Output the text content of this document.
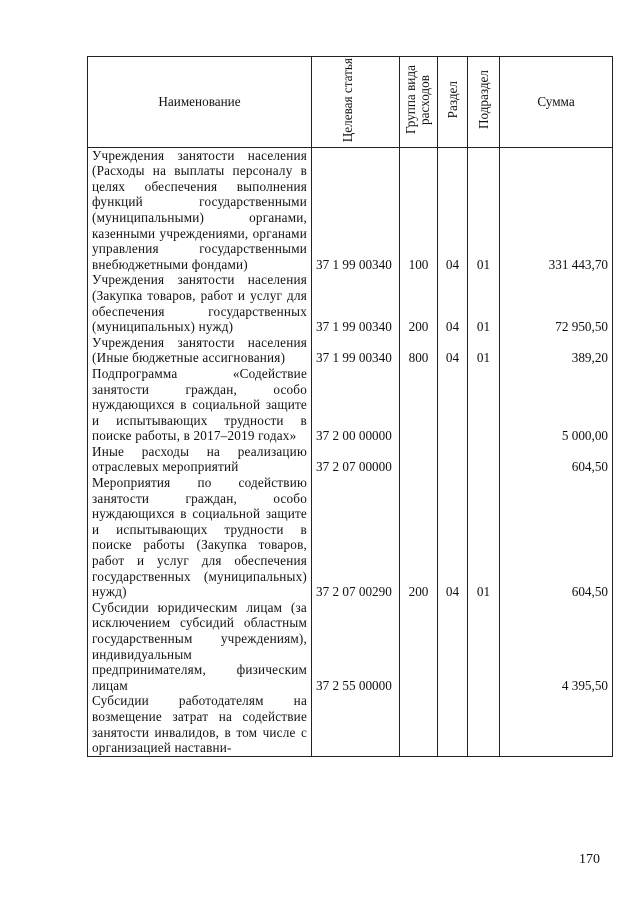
Наименование	Целевая статья	Группа вида расходов	Раздел	Подраздел	Сумма
Учреждения занятости населения (Расходы на выплаты персоналу в целях обеспечения выполнения функций государственными (муниципальными) органами, казенными учреждениями, органами управления государственными внебюджетными фондами)	37 1 99 00340	100	04	01	331 443,70
Учреждения занятости населения (Закупка товаров, работ и услуг для обеспечения государственных (муниципальных) нужд)	37 1 99 00340	200	04	01	72 950,50
Учреждения занятости населения (Иные бюджетные ассигнования)	37 1 99 00340	800	04	01	389,20
Подпрограмма «Содействие занятости граждан, особо нуждающихся в социальной защите и испытывающих трудности в поиске работы, в 2017–2019 годах»	37 2 00 00000				5 000,00
Иные расходы на реализацию отраслевых мероприятий	37 2 07 00000				604,50
Мероприятия по содействию занятости граждан, особо нуждающихся в социальной защите и испытывающих трудности в поиске работы (Закупка товаров, работ и услуг для обеспечения государственных (муниципальных) нужд)	37 2 07 00290	200	04	01	604,50
Субсидии юридическим лицам (за исключением субсидий областным государственным учреждениям), индивидуальным предпринимателям, физическим лицам	37 2 55 00000				4 395,50
Субсидии работодателям на возмещение затрат на содействие занятости инвалидов, в том числе с организацией наставни-					
170
